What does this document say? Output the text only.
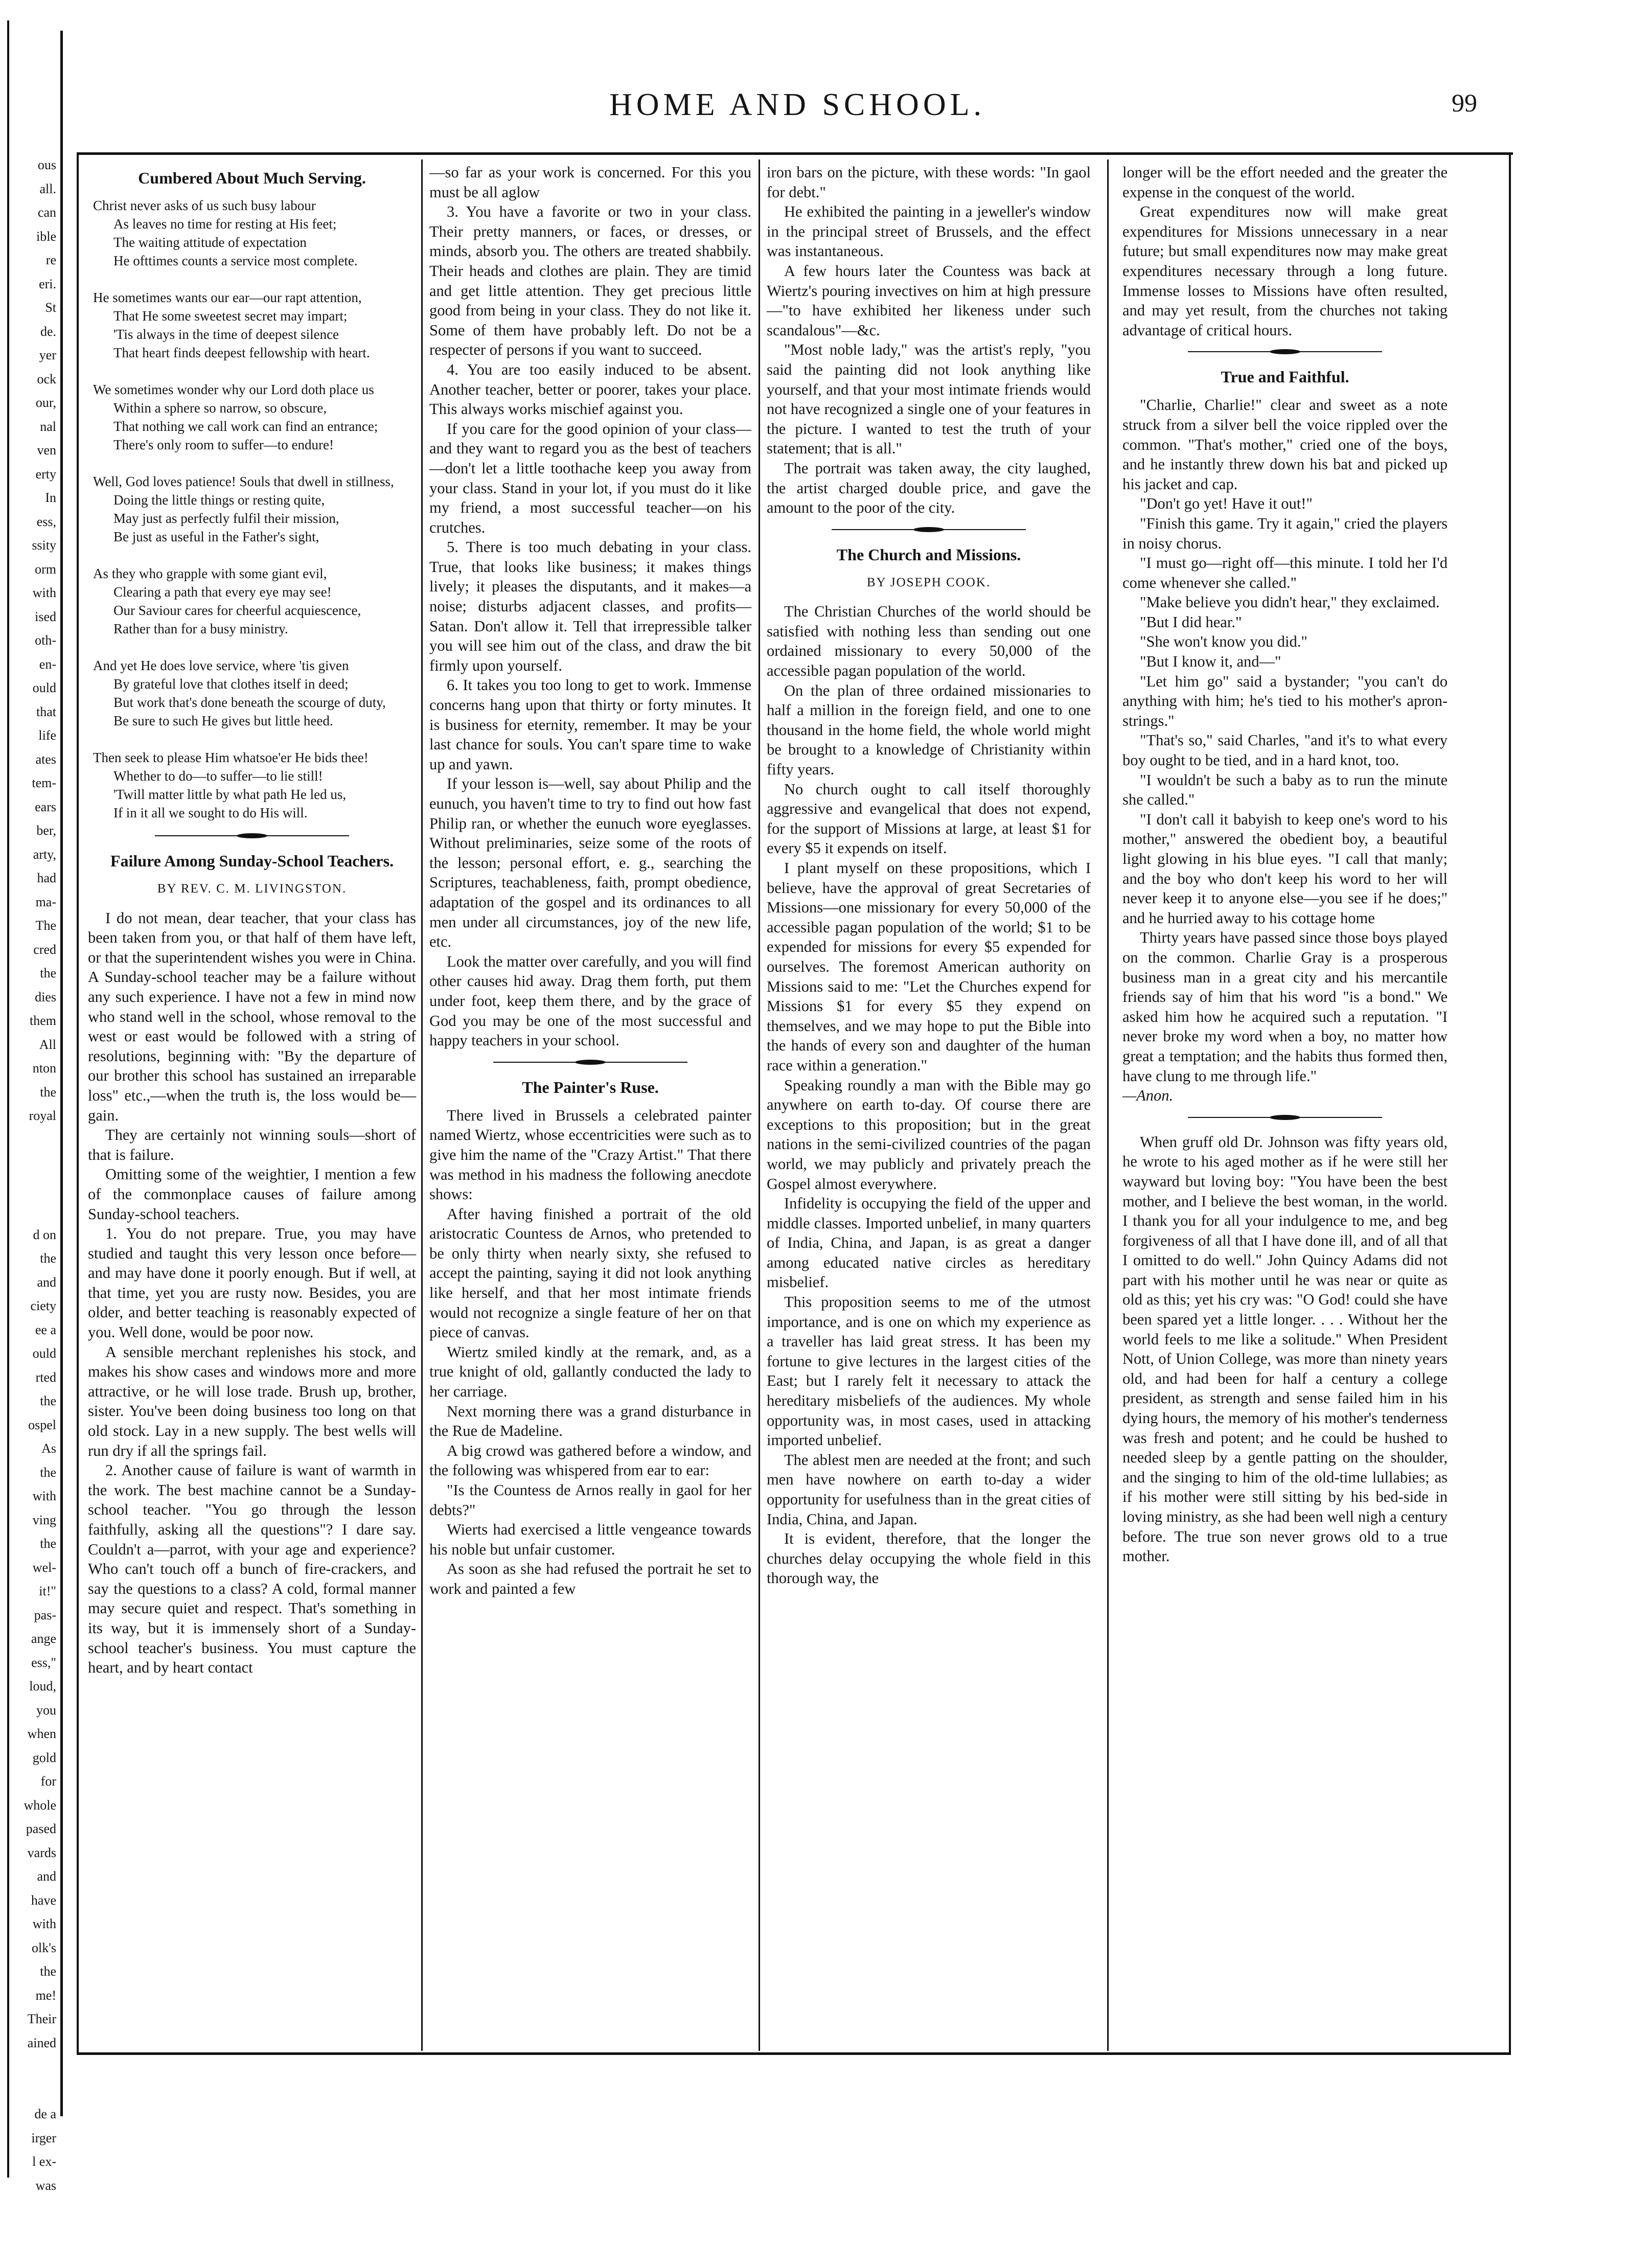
ous
all.
can
ible
re
eri.
St
de.
yer
ock
our,
nal
ven
erty
In
ess,
ssity
orm
with
ised
oth-
en-
ould
that
life
ates
tem-
ears
ber,
arty,
had
ma-
The
cred
the
dies
them
All
nton
the
royal

d on
the
and
ciety
ee a
ould
rted
the
ospel
As
the
with
ving
the
wel-
it!"
pas-
ange
ess,"
loud,
you
when
gold
for
whole
pased
vards
and
have
with
olk's
the
me!
Their
ained

de a
irger
l ex-
was
HOME AND SCHOOL.	99
Cumbered About Much Serving.
Christ never asks of us such busy labour
As leaves no time for resting at His feet;
The waiting attitude of expectation
He ofttimes counts a service most complete.

He sometimes wants our ear—our rapt attention,
That He some sweetest secret may impart;
'Tis always in the time of deepest silence
That heart finds deepest fellowship with heart.

We sometimes wonder why our Lord doth place us
Within a sphere so narrow, so obscure,
That nothing we call work can find an entrance;
There's only room to suffer—to endure!

Well, God loves patience! Souls that dwell in stillness,
Doing the little things or resting quite,
May just as perfectly fulfil their mission,
Be just as useful in the Father's sight,

As they who grapple with some giant evil,
Clearing a path that every eye may see!
Our Saviour cares for cheerful acquiescence,
Rather than for a busy ministry.

And yet He does love service, where 'tis given
By grateful love that clothes itself in deed;
But work that's done beneath the scourge of duty,
Be sure to such He gives but little heed.

Then seek to please Him whatsoe'er He bids thee!
Whether to do—to suffer—to lie still!
'Twill matter little by what path He led us,
If in it all we sought to do His will.
Failure Among Sunday-School Teachers.
BY REV. C. M. LIVINGSTON.

I do not mean, dear teacher, that your class has been taken from you, or that half of them have left, or that the superintendent wishes you were in China. A Sunday-school teacher may be a failure without any such experience. I have not a few in mind now who stand well in the school, whose removal to the west or east would be followed with a string of resolutions, beginning with: "By the departure of our brother this school has sustained an irreparable loss" etc.,—when the truth is, the loss would be—gain.

They are certainly not winning souls—short of that is failure.

Omitting some of the weightier, I mention a few of the commonplace causes of failure among Sunday-school teachers.

1. You do not prepare. True, you may have studied and taught this very lesson once before—and may have done it poorly enough. But if well, at that time, yet you are rusty now. Besides, you are older, and better teaching is reasonably expected of you. Well done, would be poor now.

A sensible merchant replenishes his stock, and makes his show cases and windows more and more attractive, or he will lose trade. Brush up, brother, sister. You've been doing business too long on that old stock. Lay in a new supply. The best wells will run dry if all the springs fail.

2. Another cause of failure is want of warmth in the work. The best machine cannot be a Sunday-school teacher. "You go through the lesson faithfully, asking all the questions"? I dare say. Couldn't a—parrot, with your age and experience? Who can't touch off a bunch of fire-crackers, and say the questions to a class? A cold, formal manner may secure quiet and respect. That's something in its way, but it is immensely short of a Sunday-school teacher's business. You must capture the heart, and by heart contact

—so far as your work is concerned. For this you must be all aglow

3. You have a favorite or two in your class. Their pretty manners, or faces, or dresses, or minds, absorb you. The others are treated shabbily. Their heads and clothes are plain. They are timid and get little attention. They get precious little good from being in your class. They do not like it. Some of them have probably left. Do not be a respecter of persons if you want to succeed.

4. You are too easily induced to be absent. Another teacher, better or poorer, takes your place. This always works mischief against you.

If you care for the good opinion of your class—and they want to regard you as the best of teachers—don't let a little toothache keep you away from your class. Stand in your lot, if you must do it like my friend, a most successful teacher—on his crutches.

5. There is too much debating in your class. True, that looks like business; it makes things lively; it pleases the disputants, and it makes—a noise; disturbs adjacent classes, and profits—Satan. Don't allow it. Tell that irrepressible talker you will see him out of the class, and draw the bit firmly upon yourself.

6. It takes you too long to get to work. Immense concerns hang upon that thirty or forty minutes. It is business for eternity, remember. It may be your last chance for souls. You can't spare time to wake up and yawn.

If your lesson is—well, say about Philip and the eunuch, you haven't time to try to find out how fast Philip ran, or whether the eunuch wore eyeglasses. Without preliminaries, seize some of the roots of the lesson; personal effort, e. g., searching the Scriptures, teachableness, faith, prompt obedience, adaptation of the gospel and its ordinances to all men under all circumstances, joy of the new life, etc.

Look the matter over carefully, and you will find other causes hid away. Drag them forth, put them under foot, keep them there, and by the grace of God you may be one of the most successful and happy teachers in your school.

The Painter's Ruse.

There lived in Brussels a celebrated painter named Wiertz, whose eccentricities were such as to give him the name of the "Crazy Artist." That there was method in his madness the following anecdote shows:

After having finished a portrait of the old aristocratic Countess de Arnos, who pretended to be only thirty when nearly sixty, she refused to accept the painting, saying it did not look anything like herself, and that her most intimate friends would not recognize a single feature of her on that piece of canvas.

Wiertz smiled kindly at the remark, and, as a true knight of old, gallantly conducted the lady to her carriage.

Next morning there was a grand disturbance in the Rue de Madeline.

A big crowd was gathered before a window, and the following was whispered from ear to ear:

"Is the Countess de Arnos really in gaol for her debts?"

Wierts had exercised a little vengeance towards his noble but unfair customer.

As soon as she had refused the portrait he set to work and painted a few

iron bars on the picture, with these words: "In gaol for debt."

He exhibited the painting in a jeweller's window in the principal street of Brussels, and the effect was instantaneous.

A few hours later the Countess was back at Wiertz's pouring invectives on him at high pressure—"to have exhibited her likeness under such scandalous"—&c.

"Most noble lady," was the artist's reply, "you said the painting did not look anything like yourself, and that your most intimate friends would not have recognized a single one of your features in the picture. I wanted to test the truth of your statement; that is all."

The portrait was taken away, the city laughed, the artist charged double price, and gave the amount to the poor of the city.

The Church and Missions.
BY JOSEPH COOK.

The Christian Churches of the world should be satisfied with nothing less than sending out one ordained missionary to every 50,000 of the accessible pagan population of the world.

On the plan of three ordained missionaries to half a million in the foreign field, and one to one thousand in the home field, the whole world might be brought to a knowledge of Christianity within fifty years.

No church ought to call itself thoroughly aggressive and evangelical that does not expend, for the support of Missions at large, at least $1 for every $5 it expends on itself.

I plant myself on these propositions, which I believe, have the approval of great Secretaries of Missions—one missionary for every 50,000 of the accessible pagan population of the world; $1 to be expended for missions for every $5 expended for ourselves. The foremost American authority on Missions said to me: "Let the Churches expend for Missions $1 for every $5 they expend on themselves, and we may hope to put the Bible into the hands of every son and daughter of the human race within a generation."

Speaking roundly a man with the Bible may go anywhere on earth to-day. Of course there are exceptions to this proposition; but in the great nations in the semi-civilized countries of the pagan world, we may publicly and privately preach the Gospel almost everywhere.

Infidelity is occupying the field of the upper and middle classes. Imported unbelief, in many quarters of India, China, and Japan, is as great a danger among educated native circles as hereditary misbelief.

This proposition seems to me of the utmost importance, and is one on which my experience as a traveller has laid great stress. It has been my fortune to give lectures in the largest cities of the East; but I rarely felt it necessary to attack the hereditary misbeliefs of the audiences. My whole opportunity was, in most cases, used in attacking imported unbelief.

The ablest men are needed at the front; and such men have nowhere on earth to-day a wider opportunity for usefulness than in the great cities of India, China, and Japan.

It is evident, therefore, that the longer the churches delay occupying the whole field in this thorough way, the

longer will be the effort needed and the greater the expense in the conquest of the world.

Great expenditures now will make great expenditures for Missions unnecessary in a near future; but small expenditures now may make great expenditures necessary through a long future. Immense losses to Missions have often resulted, and may yet result, from the churches not taking advantage of critical hours.

True and Faithful.

"Charlie, Charlie!" clear and sweet as a note struck from a silver bell the voice rippled over the common. "That's mother," cried one of the boys, and he instantly threw down his bat and picked up his jacket and cap.

"Don't go yet! Have it out!"

"Finish this game. Try it again," cried the players in noisy chorus.

"I must go—right off—this minute. I told her I'd come whenever she called."

"Make believe you didn't hear," they exclaimed.

"But I did hear."

"She won't know you did."

"But I know it, and—"

"Let him go" said a bystander; "you can't do anything with him; he's tied to his mother's apron-strings."

"That's so," said Charles, "and it's to what every boy ought to be tied, and in a hard knot, too.

"I wouldn't be such a baby as to run the minute she called."

"I don't call it babyish to keep one's word to his mother," answered the obedient boy, a beautiful light glowing in his blue eyes. "I call that manly; and the boy who don't keep his word to her will never keep it to anyone else—you see if he does;" and he hurried away to his cottage home

Thirty years have passed since those boys played on the common. Charlie Gray is a prosperous business man in a great city and his mercantile friends say of him that his word "is a bond." We asked him how he acquired such a reputation. "I never broke my word when a boy, no matter how great a temptation; and the habits thus formed then, have clung to me through life."

—Anon.

When gruff old Dr. Johnson was fifty years old, he wrote to his aged mother as if he were still her wayward but loving boy: "You have been the best mother, and I believe the best woman, in the world. I thank you for all your indulgence to me, and beg forgiveness of all that I have done ill, and of all that I omitted to do well." John Quincy Adams did not part with his mother until he was near or quite as old as this; yet his cry was: "O God! could she have been spared yet a little longer. . . . Without her the world feels to me like a solitude." When President Nott, of Union College, was more than ninety years old, and had been for half a century a college president, as strength and sense failed him in his dying hours, the memory of his mother's tenderness was fresh and potent; and he could be hushed to needed sleep by a gentle patting on the shoulder, and the singing to him of the old-time lullabies; as if his mother were still sitting by his bed-side in loving ministry, as she had been well nigh a century before. The true son never grows old to a true mother.
